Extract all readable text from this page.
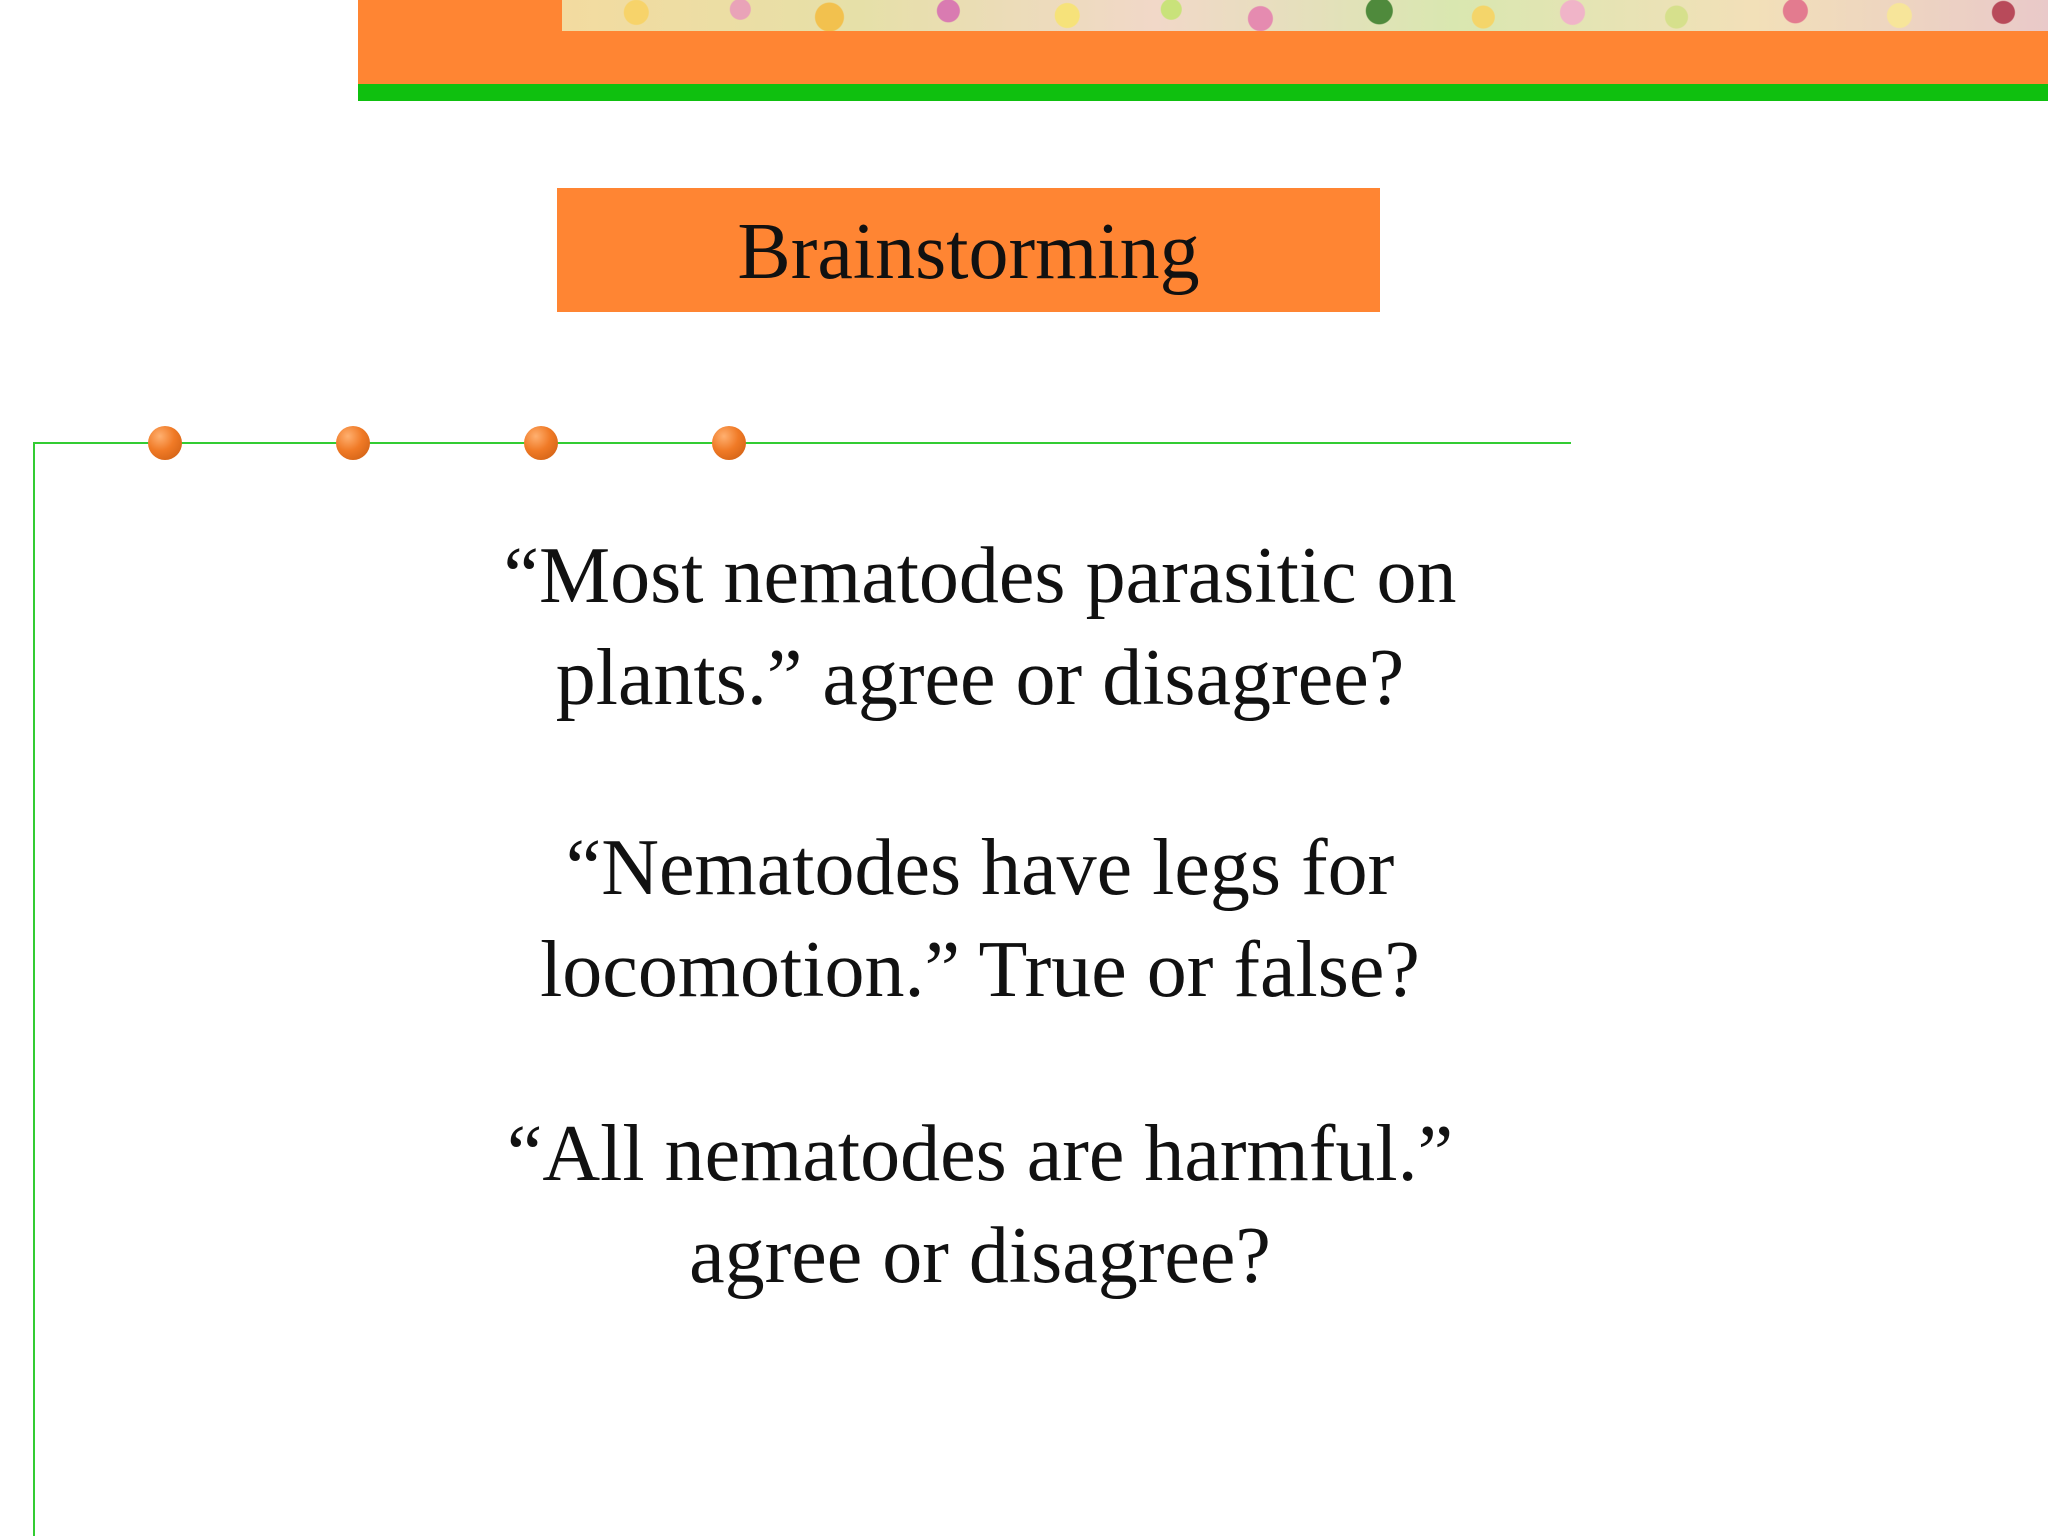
Brainstorming
“Most nematodes parasitic on
plants.” agree or disagree?
“Nematodes have legs for
locomotion.” True or false?
“All nematodes are harmful.”
agree or disagree?
